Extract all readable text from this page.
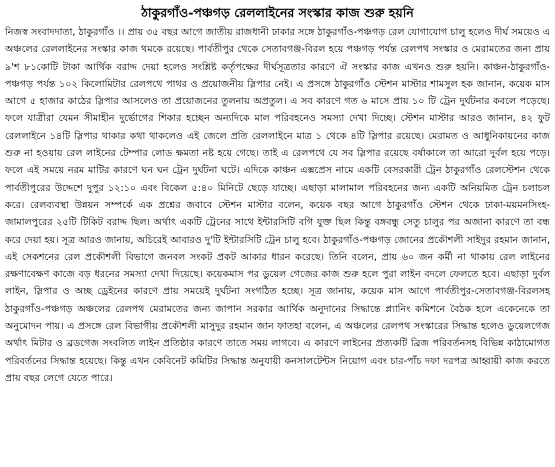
ঠাকুরগাঁও-পঞ্চগড় রেললাইনের সংস্কার কাজ শুরু হয়নি

নিজস্ব সংবাদদাতা, ঠাকুরগাঁও ।। প্রায় ৩৫ বছর আগে জাতীয় রাজধানী ঢাকার সঙ্গে ঠাকুরগাঁও-পঞ্চগড় রেল যোগাযোগ চালু হলেও দীর্ঘ সময়েও এ অঞ্চলের রেললাইনের সংস্কার কাজ থমকে রয়েছে। পার্বতীপুর থেকে সেতাবগঞ্জ-বিরল হয়ে পঞ্চগড় পর্যন্ত রেলপথ সংস্কার ও মেরামতের জন্য প্রায় ৯'শ ৮১কোটি টাকা আর্থিক বরাদ্দ দেয়া হলেও সংশ্লিষ্ট কর্তৃপক্ষের দীর্ঘসূত্রতার কারণে ঐ সংস্কার কাজ এখনও শুরু হয়নি। কাঞ্চন-ঠাকুরগাঁও-পঞ্চগড় পর্যন্ত ১০২ কিলোমিটার রেলপথে পাথর ও প্রয়োজনীয় স্লিপার নেই। এ প্রসঙ্গে ঠাকুরগাঁও স্টেশন মাস্টার শামসুল হক জানান, কয়েক মাস আগে ৫ হাজার কাঠের স্লিপার আসলেও তা প্রয়োজনের তুলনায় অপ্রতুল। এ সব কারণে গত ৬ মাসে প্রায় ১০ টি ট্রেন দুর্ঘটনার কবলে পড়েছে। ফলে যাত্রীরা যেমন সীমাহীন দুর্ভোগের শিকার হচ্ছেন অন্যদিকে মাল পরিবহনেও সমস্যা দেখা দিচ্ছে। স্টেশন মাস্টার আরও জানান, ৪২ ফুট রেললাইনে ১৪টি স্লিপার থাকার কথা থাকলেও এই জেলে প্রতি রেললাইনে মাত্র ১ থেকে ৪টি স্লিপার রয়েছে। মেরামত ও আধুনিকায়নের কাজ শুরু না হওয়ায় রেল লাইনের টেম্পার লোড ক্ষমতা নষ্ট হয়ে গেছে। তাই এ রেলপথে যে সব স্লিপার রয়েছে বর্ষাকালে তা আরো দুর্বল হয়ে পড়ে। ফলে এই সময়ে নরম মাটির কারণে ঘন ঘন ট্রেন দুর্ঘটনা ঘটে। এদিকে কাঞ্চন এক্সপ্রেস নামে একটি বেসরকারী ট্রেন ঠাকুরগাঁও রেলস্টেশন থেকে পার্বতীপুরের উদ্দেশে দুপুর ১২:১০ এবং বিকেল ৫:৪০ মিনিটে ছেড়ে যাচ্ছে। এছাড়া মালামাল পরিবহনের জন্য একটি অনিয়মিত ট্রেন চলাচল করে। রেলব্যবস্থা উন্নয়ন সম্পর্কে এক প্রশ্নের জবাবে স্টেশন মাস্টার বলেন, কয়েক বছর আগে ঠাকুরগাঁও স্টেশন থেকে ঢাকা-ময়মনসিংহ-জামালপুরের ২৫টি টিকিট বরাদ্দ ছিল। অর্থাৎ একটি ট্রেনের সাথে ইন্টারসিটি বগি যুক্ত ছিল কিন্তু বঙ্গবন্ধু সেতু চালুর পর অজানা কারণে তা বন্ধ করে দেয়া হয়। সূত্র আরও জানায়, অচিরেই আবারও দু'টি ইন্টারসিটি ট্রেন চালু হবে। ঠাকুরগাঁও-পঞ্চগড় জোনের প্রকৌশলী সাইদুর রহমান জানান, এই সেকশনের রেল প্রকৌশলী বিভাগে জনবল সংকট প্রকট আকার ধারন করেছে। তিনি বলেন, প্রায় ৬০ জন কর্মী না থাকায় রেল লাইনের রক্ষণাবেক্ষণ কাজে বড় ধরনের সমস্যা দেখা দিয়েছে। কয়েকমাস পর ডুয়েল গেজের কাজ শুরু হলে পুরা লাইন বদলে ফেলতে হবে। এছাড়া দুর্বল লাইন, স্লিপার ও অচ্ছ ড্রেইনের কারণে প্রায় সময়েই দুর্ঘটনা সংগঠিত হচ্ছে। সূত্র জানায়, কয়েক মাস আগে পার্বতীপুর-সেতাবগঞ্জ-বিরলসহ ঠাকুরগাঁও-পঞ্চগড় অঞ্চলের রেলপথ মেরামতের জন্য জাপান সরকার আর্থিক অনুদানের সিদ্ধান্তে প্ল্যানিং কমিশনে বৈঠক হলে একেনেকে তা অনুমোদন পায়। এ প্রসঙ্গে রেল বিভাগীয় প্রকৌশলী মাসুদুর রহমান জান ফাতহা বলেন, এ অঞ্চলের রেলপথ সংস্কারের সিদ্ধান্ত হলেও ডুয়েলগেজ অর্থাৎ মিটার ও ব্রডগেজ সংবলিত লাইন প্রতিষ্ঠার কারণে তাতে সময় লাগবে। এ কারণে লাইনের প্রত্যকটি ব্রিজ পরিবর্তনসহ বিভিন্ন কাঠামোগত পরিবর্তনের সিদ্ধান্ত হয়েছে। কিন্তু এখন কেবিনেট কমিটির সিদ্ধান্ত অনুযায়ী কনসালটেন্টস নিয়োগ এবং চার-পাঁচ দফা দরপত্র আহ্বায়ী কাজ করতে প্রায় বছর লেগে যেতে পারে।
